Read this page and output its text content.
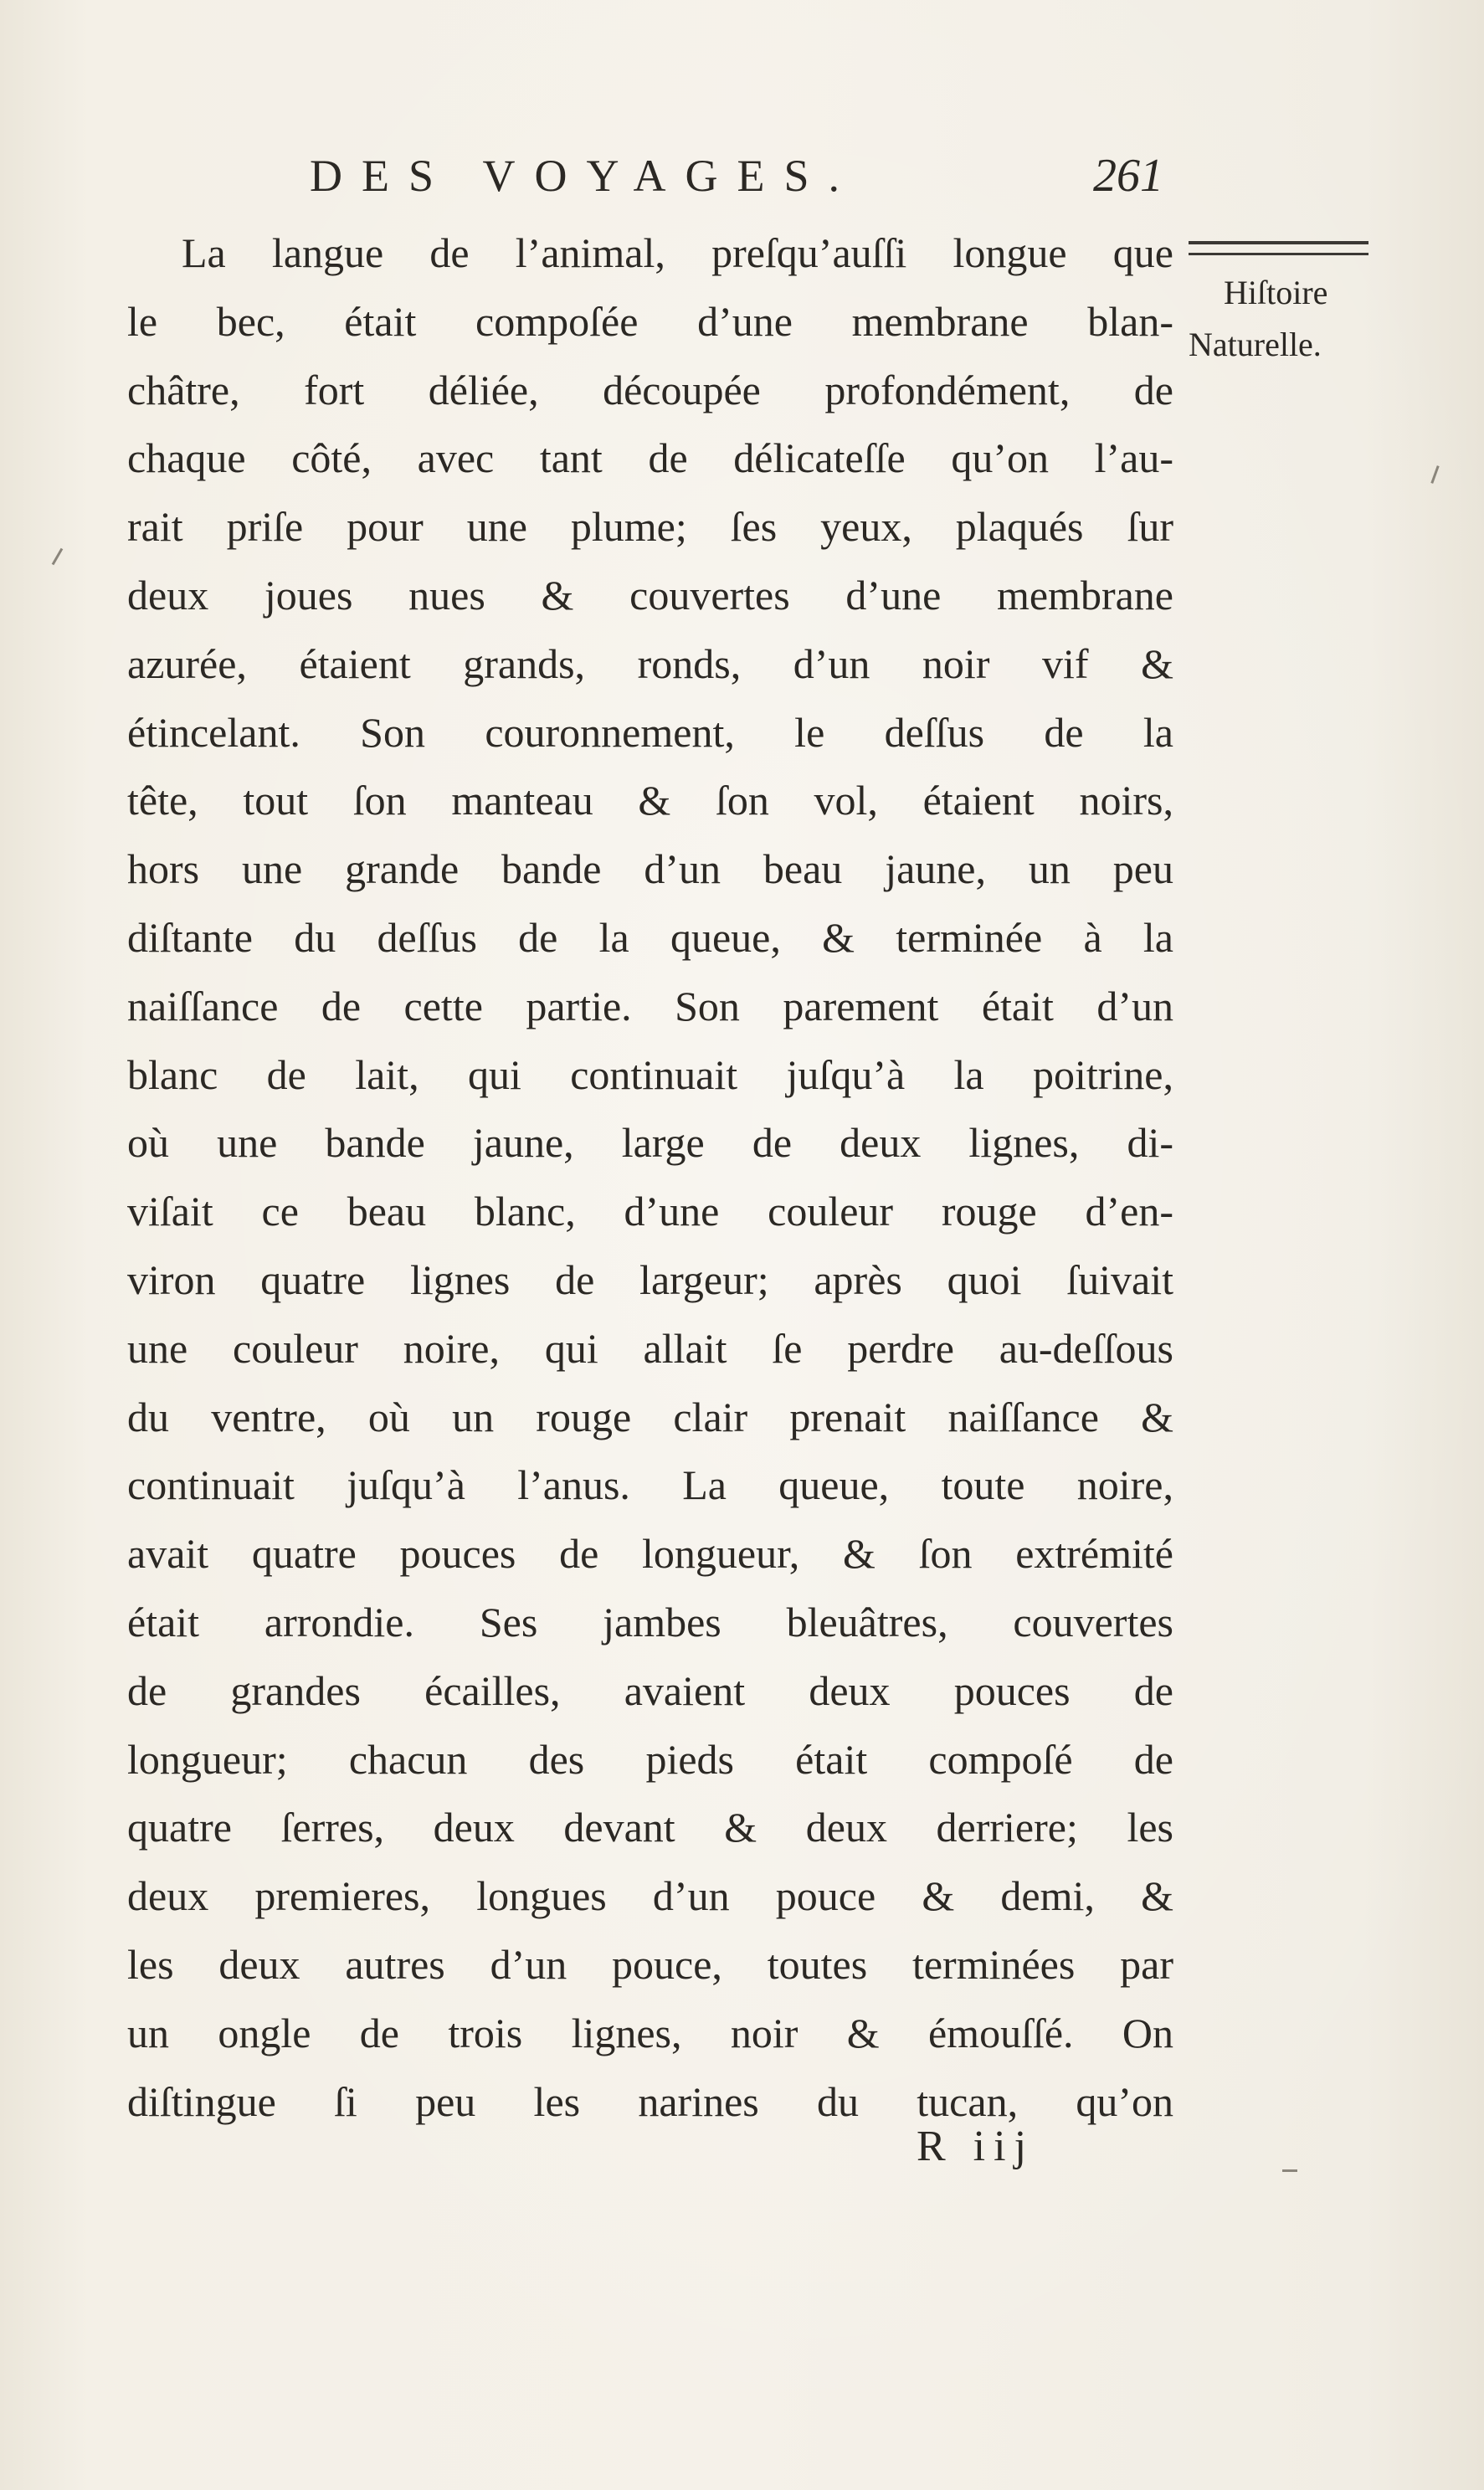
DES VOYAGES.	261
La langue de l’animal, preſqu’auſſi longue que
le bec, était compoſée d’une membrane blan-
châtre, fort déliée, découpée profondément, de
chaque côté, avec tant de délicateſſe qu’on l’au-
rait priſe pour une plume; ſes yeux, plaqués ſur
deux joues nues & couvertes d’une membrane
azurée, étaient grands, ronds, d’un noir vif &
étincelant. Son couronnement, le deſſus de la
tête, tout ſon manteau & ſon vol, étaient noirs,
hors une grande bande d’un beau jaune, un peu
diſtante du deſſus de la queue, & terminée à la
naiſſance de cette partie. Son parement était d’un
blanc de lait, qui continuait juſqu’à la poitrine,
où une bande jaune, large de deux lignes, di-
viſait ce beau blanc, d’une couleur rouge d’en-
viron quatre lignes de largeur; après quoi ſuivait
une couleur noire, qui allait ſe perdre au-deſſous
du ventre, où un rouge clair prenait naiſſance &
continuait juſqu’à l’anus. La queue, toute noire,
avait quatre pouces de longueur, & ſon extrémité
était arrondie. Ses jambes bleuâtres, couvertes
de grandes écailles, avaient deux pouces de
longueur; chacun des pieds était compoſé de
quatre ſerres, deux devant & deux derriere; les
deux premieres, longues d’un pouce & demi, &
les deux autres d’un pouce, toutes terminées par
un ongle de trois lignes, noir & émouſſé. On
diſtingue ſi peu les narines du tucan, qu’on
Hiſtoire
Naturelle.
R iij
